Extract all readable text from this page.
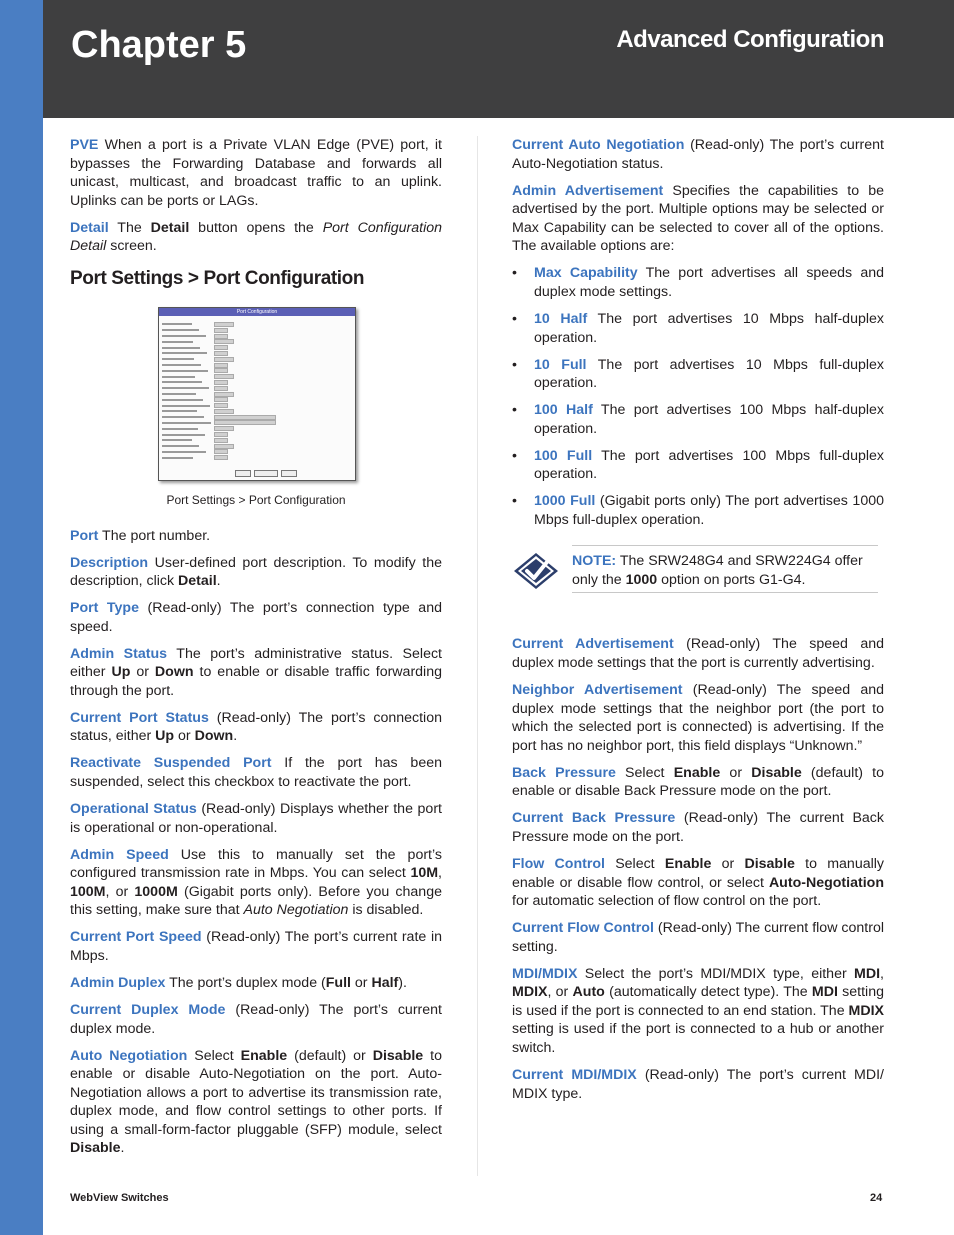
Chapter 5	Advanced Configuration

PVE When a port is a Private VLAN Edge (PVE) port, it bypasses the Forwarding Database and forwards all unicast, multicast, and broadcast traffic to an uplink. Uplinks can be ports or LAGs.

Detail The Detail button opens the Port Configuration Detail screen.

Port Settings > Port Configuration
Port Configuration
Port Settings > Port Configuration

Port The port number.

Description User-defined port description. To modify the description, click Detail.

Port Type (Read-only) The port’s connection type and speed.

Admin Status The port’s administrative status. Select either Up or Down to enable or disable traffic forwarding through the port.

Current Port Status (Read-only) The port’s connection status, either Up or Down.

Reactivate Suspended Port If the port has been suspended, select this checkbox to reactivate the port.

Operational Status (Read-only) Displays whether the port is operational or non-operational.

Admin Speed Use this to manually set the port’s configured transmission rate in Mbps. You can select 10M, 100M, or 1000M (Gigabit ports only). Before you change this setting, make sure that Auto Negotiation is disabled.

Current Port Speed (Read-only) The port’s current rate in Mbps.

Admin Duplex The port’s duplex mode (Full or Half).

Current Duplex Mode (Read-only) The port’s current duplex mode.

Auto Negotiation Select Enable (default) or Disable to enable or disable Auto-Negotiation on the port. Auto-Negotiation allows a port to advertise its transmission rate, duplex mode, and flow control settings to other ports. If using a small-form-factor pluggable (SFP) module, select Disable.

Current Auto Negotiation (Read-only) The port’s current Auto-Negotiation status.

Admin Advertisement Specifies the capabilities to be advertised by the port. Multiple options may be selected or Max Capability can be selected to cover all of the options. The available options are:

• Max Capability The port advertises all speeds and duplex mode settings.
• 10 Half The port advertises 10 Mbps half-duplex operation.
• 10 Full The port advertises 10 Mbps full-duplex operation.
• 100 Half The port advertises 100 Mbps half-duplex operation.
• 100 Full The port advertises 100 Mbps full-duplex operation.
• 1000 Full (Gigabit ports only) The port advertises 1000 Mbps full-duplex operation.
NOTE: The SRW248G4 and SRW224G4 offer only the 1000 option on ports G1-G4.

Current Advertisement (Read-only) The speed and duplex mode settings that the port is currently advertising.

Neighbor Advertisement (Read-only) The speed and duplex mode settings that the neighbor port (the port to which the selected port is connected) is advertising. If the port has no neighbor port, this field displays “Unknown.”

Back Pressure Select Enable or Disable (default) to enable or disable Back Pressure mode on the port.

Current Back Pressure (Read-only) The current Back Pressure mode on the port.

Flow Control Select Enable or Disable to manually enable or disable flow control, or select Auto-Negotiation for automatic selection of flow control on the port.

Current Flow Control (Read-only) The current flow control setting.

MDI/MDIX Select the port’s MDI/MDIX type, either MDI, MDIX, or Auto (automatically detect type). The MDI setting is used if the port is connected to an end station. The MDIX setting is used if the port is connected to a hub or another switch.

Current MDI/MDIX (Read-only) The port’s current MDI/ MDIX type.

WebView Switches	24
